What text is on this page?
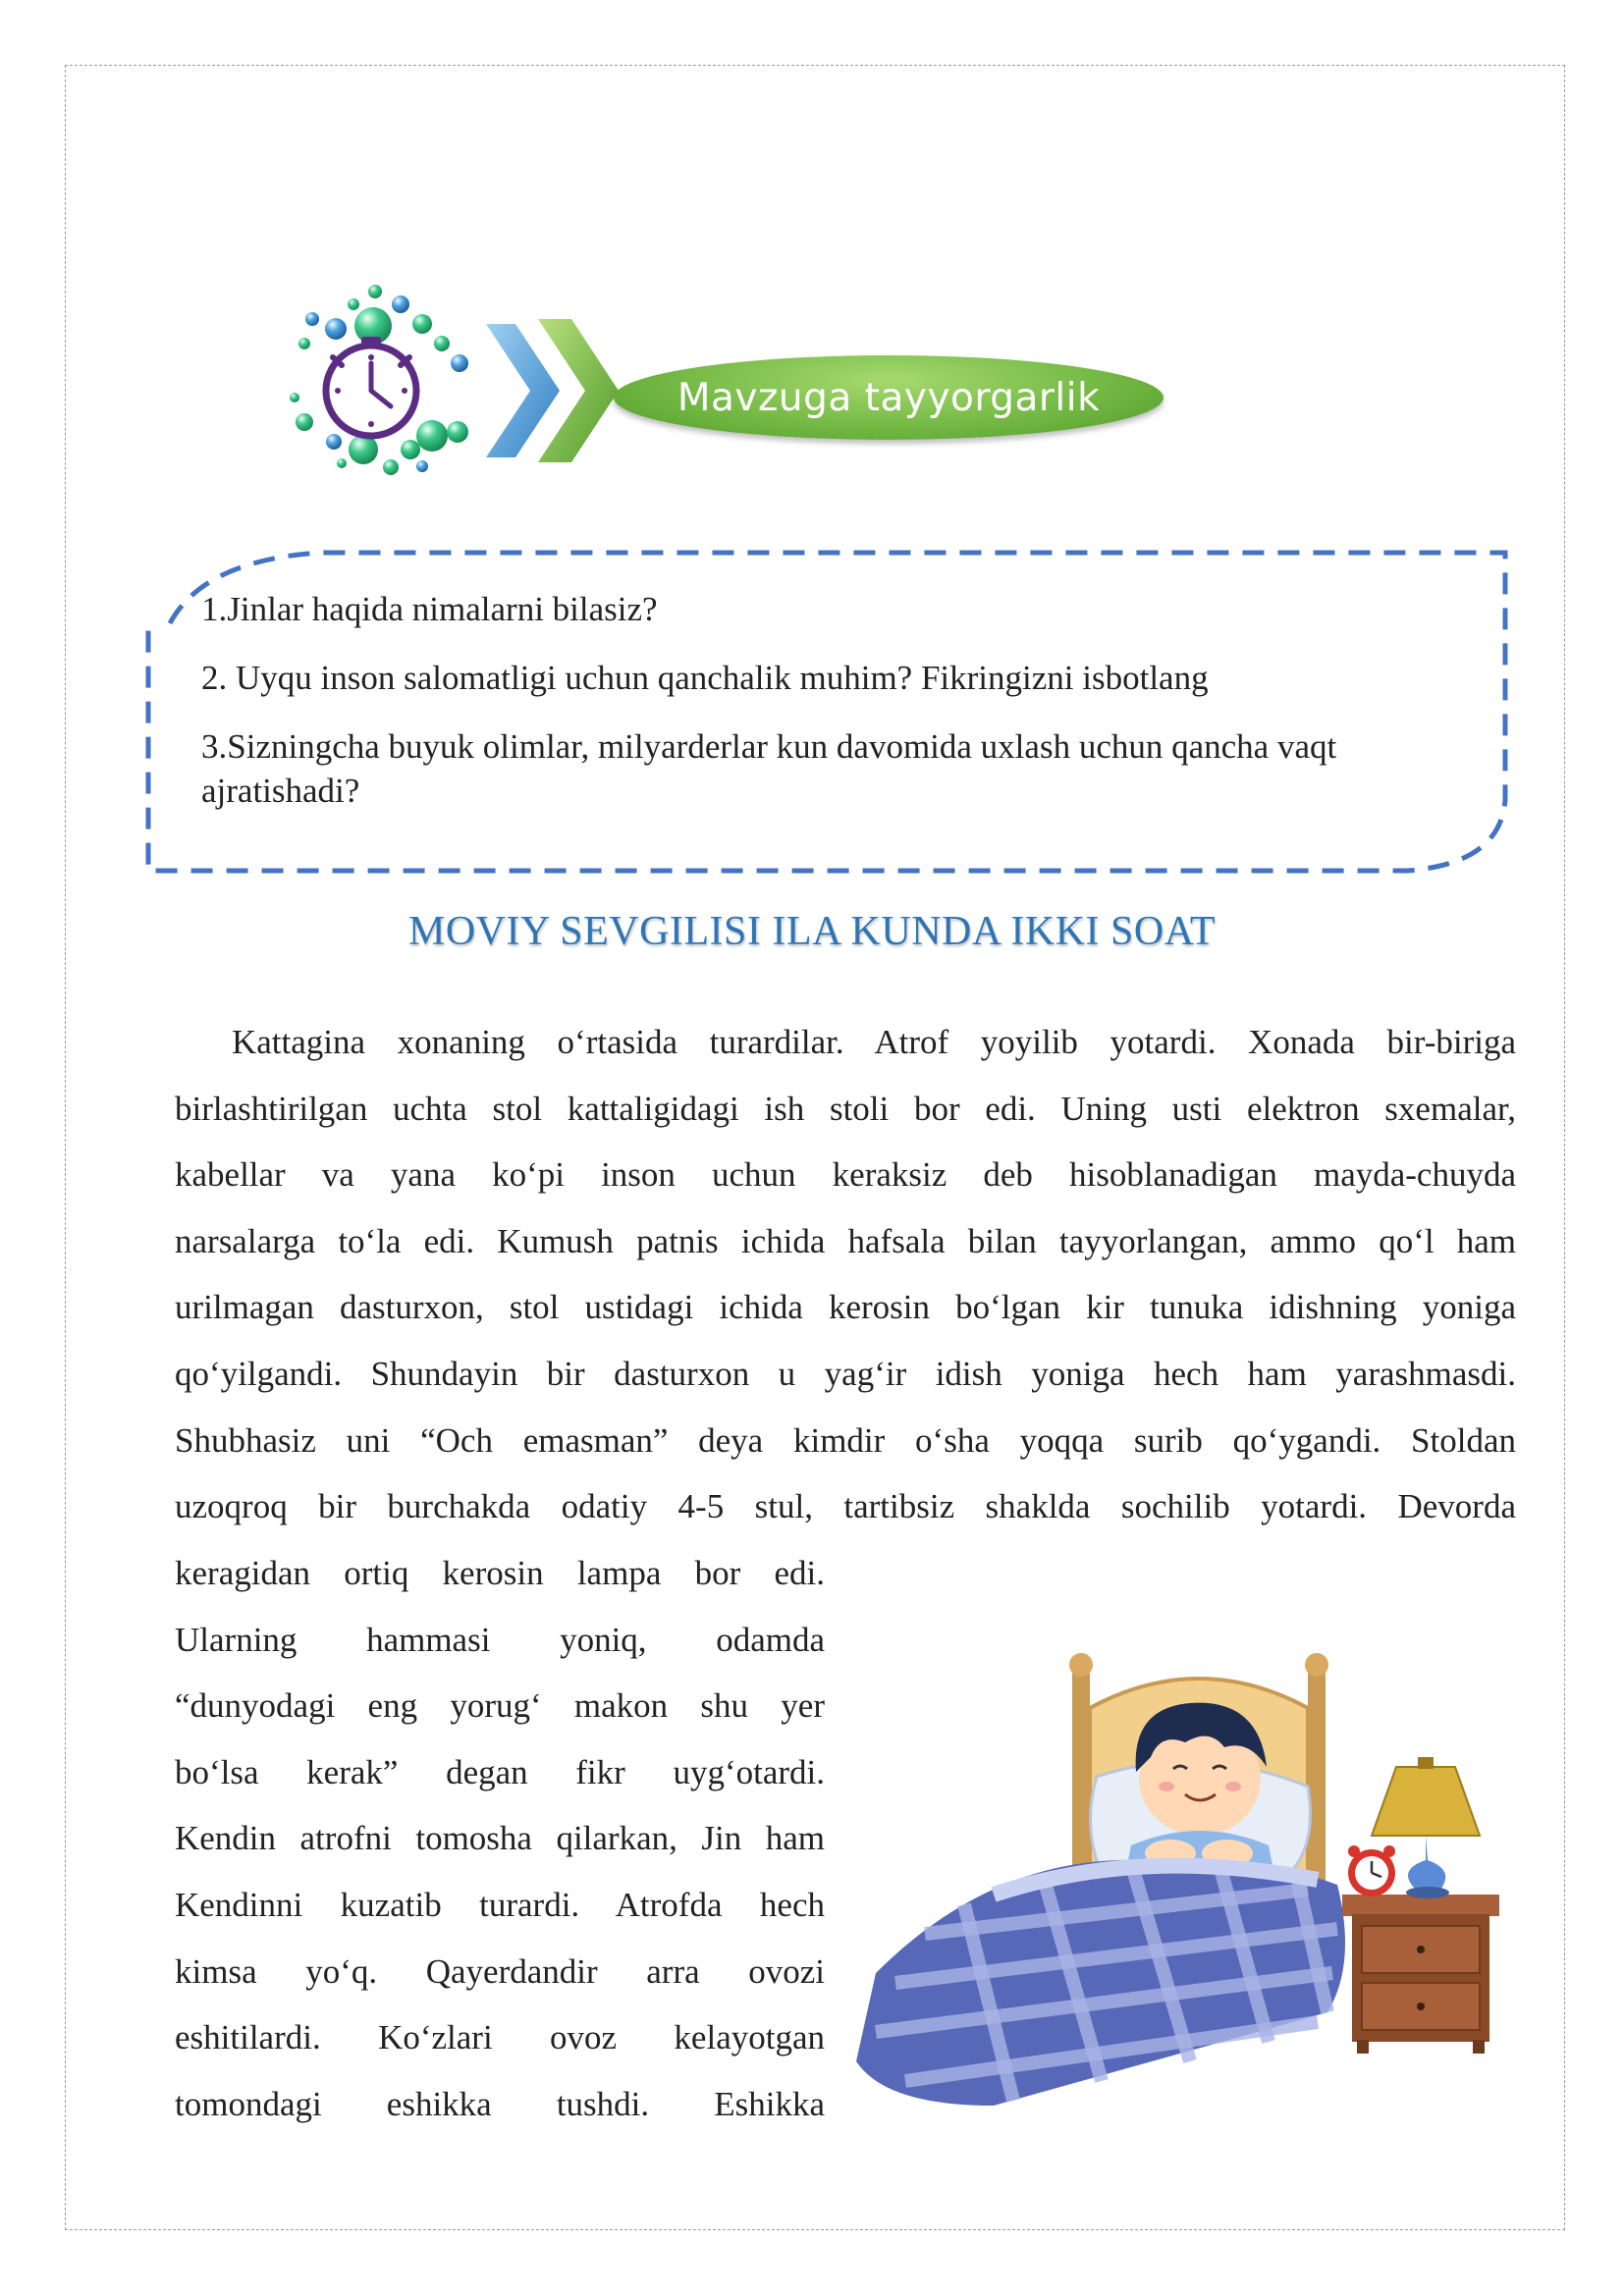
Mavzuga tayyorgarlik

1.Jinlar haqida nimalarni bilasiz?

2. Uyqu inson salomatligi uchun qanchalik muhim? Fikringizni isbotlang

3.Sizningcha buyuk olimlar, milyarderlar kun davomida uxlash uchun qancha vaqt ajratishadi?

MOVIY SEVGILISI ILA KUNDA IKKI SOAT

Kattagina xonaning o‘rtasida turardilar. Atrof yoyilib yotardi. Xonada bir-biriga

birlashtirilgan uchta stol kattaligidagi ish stoli bor edi. Uning usti elektron sxemalar,
kabellar va yana ko‘pi inson uchun keraksiz deb hisoblanadigan mayda-chuyda
narsalarga to‘la edi. Kumush patnis ichida hafsala bilan tayyorlangan, ammo qo‘l ham
urilmagan dasturxon, stol ustidagi ichida kerosin bo‘lgan kir tunuka idishning yoniga
qo‘yilgandi. Shundayin bir dasturxon u yag‘ir idish yoniga hech ham yarashmasdi.
Shubhasiz uni “Och emasman” deya kimdir o‘sha yoqqa surib qo‘ygandi. Stoldan
uzoqroq bir burchakda odatiy 4-5 stul, tartibsiz shaklda sochilib yotardi. Devorda
keragidan ortiq kerosin lampa bor edi.
Ularning hammasi yoniq, odamda
“dunyodagi eng yorug‘ makon shu yer
bo‘lsa kerak” degan fikr uyg‘otardi.
Kendin atrofni tomosha qilarkan, Jin ham
Kendinni kuzatib turardi. Atrofda hech
kimsa yo‘q. Qayerdandir arra ovozi
eshitilardi. Ko‘zlari ovoz kelayotgan
tomondagi eshikka tushdi. Eshikka
